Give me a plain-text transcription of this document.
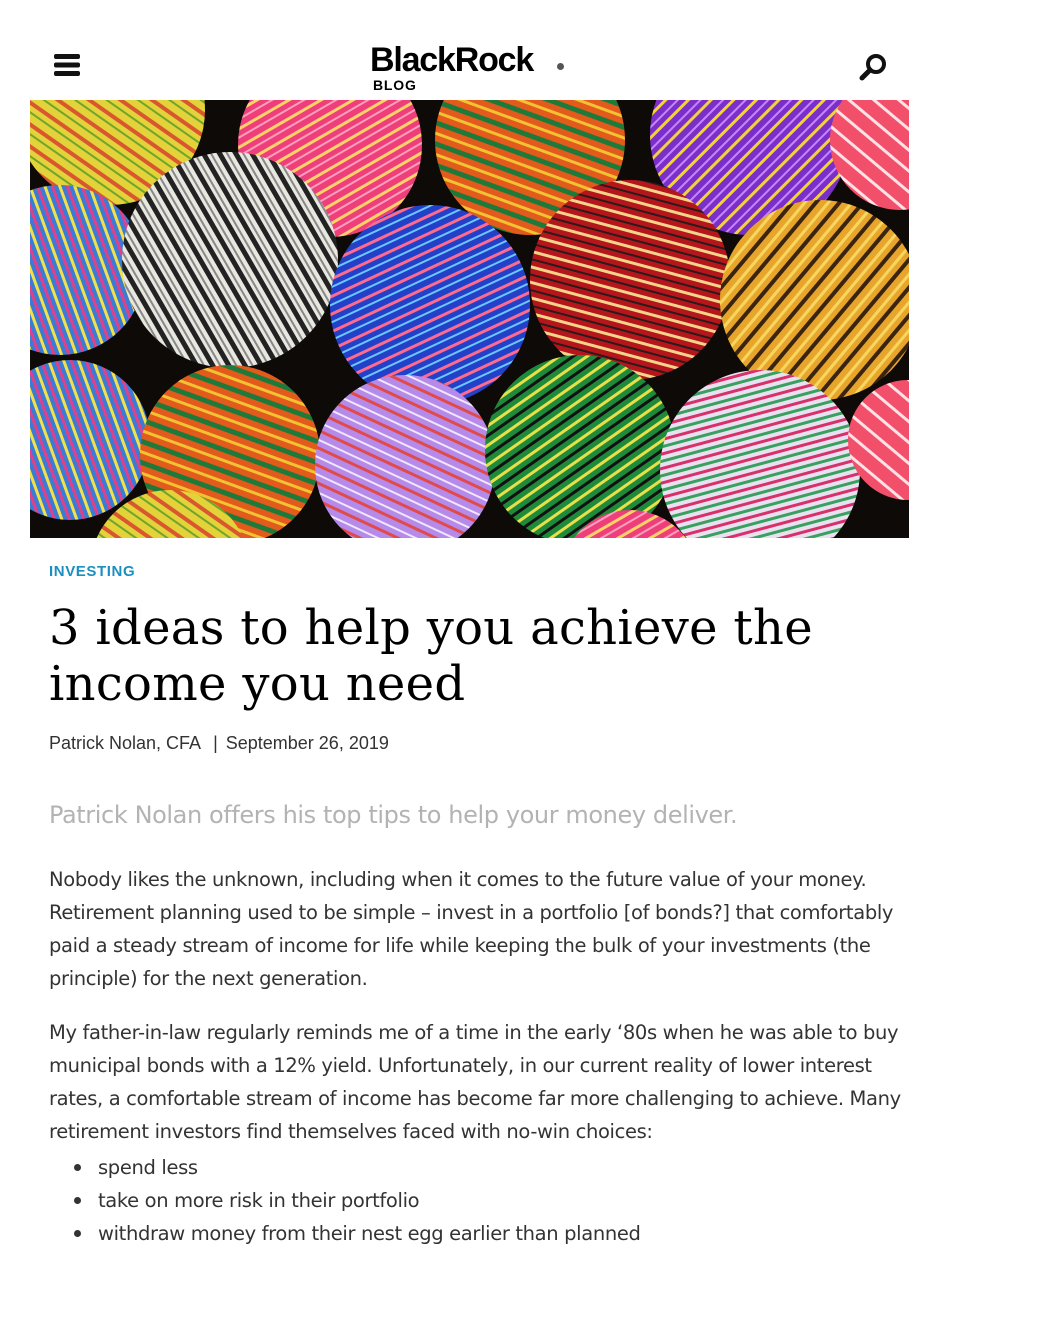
BlackRock
BLOG
INVESTING
3 ideas to help you achieve the income you need
Patrick Nolan, CFA | September 26, 2019

Patrick Nolan offers his top tips to help your money deliver.

Nobody likes the unknown, including when it comes to the future value of your money. Retirement planning used to be simple – invest in a portfolio [of bonds?] that comfortably paid a steady stream of income for life while keeping the bulk of your investments (the principle) for the next generation.

My father-in-law regularly reminds me of a time in the early ‘80s when he was able to buy municipal bonds with a 12% yield. Unfortunately, in our current reality of lower interest rates, a comfortable stream of income has become far more challenging to achieve. Many retirement investors find themselves faced with no-win choices:

spend less
take on more risk in their portfolio
withdraw money from their nest egg earlier than planned
